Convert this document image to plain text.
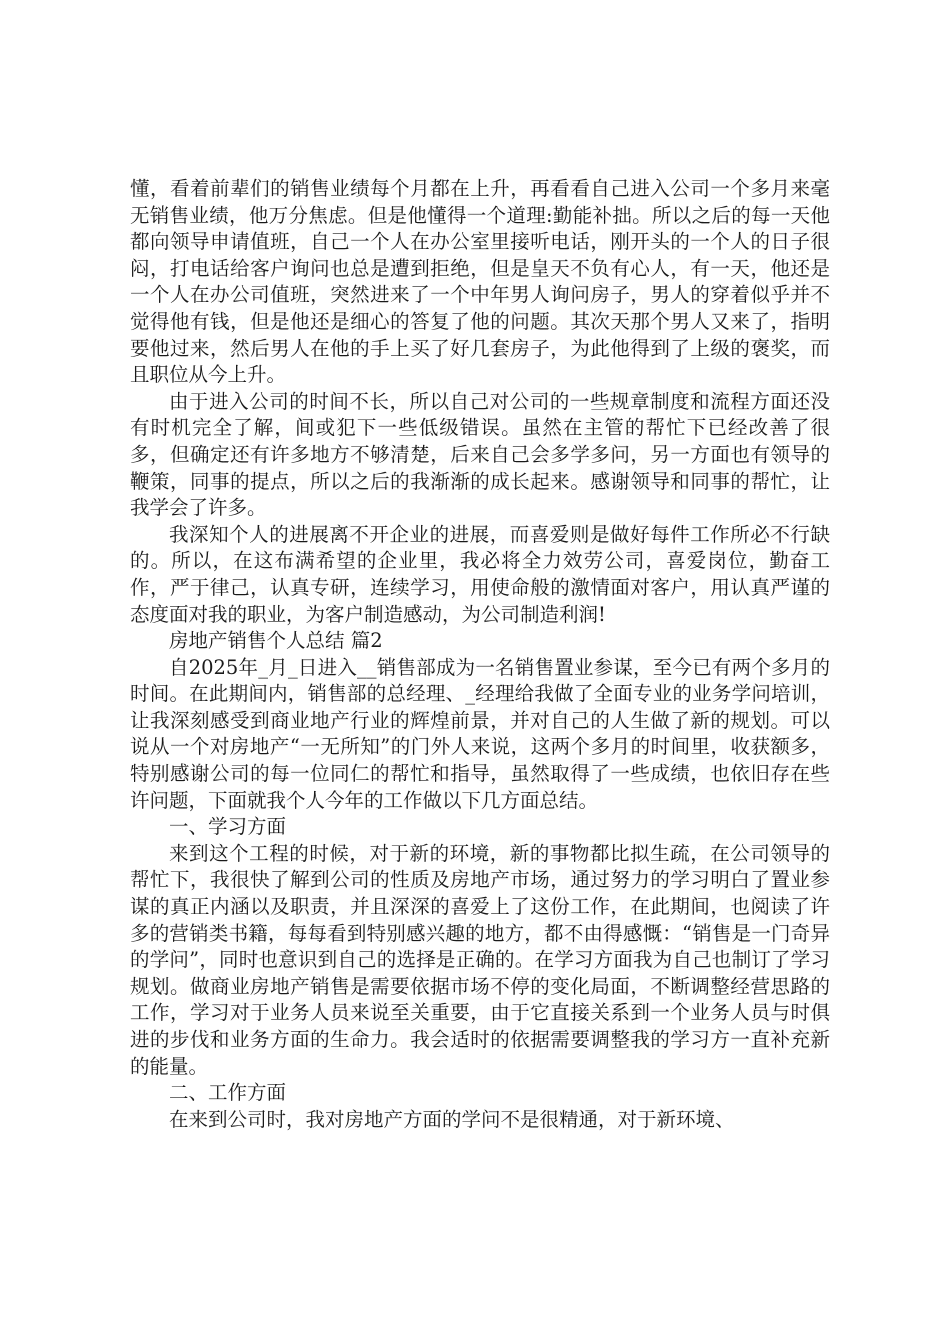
懂，看着前辈们的销售业绩每个月都在上升，再看看自己进入公司一个多月来毫无销售业绩，他万分焦虑。但是他懂得一个道理:勤能补拙。所以之后的每一天他都向领导申请值班，自己一个人在办公室里接听电话，刚开头的一个人的日子很闷，打电话给客户询问也总是遭到拒绝，但是皇天不负有心人，有一天，他还是一个人在办公司值班，突然进来了一个中年男人询问房子，男人的穿着似乎并不觉得他有钱，但是他还是细心的答复了他的问题。其次天那个男人又来了，指明要他过来，然后男人在他的手上买了好几套房子，为此他得到了上级的褒奖，而且职位从今上升。

由于进入公司的时间不长，所以自己对公司的一些规章制度和流程方面还没有时机完全了解，间或犯下一些低级错误。虽然在主管的帮忙下已经改善了很多，但确定还有许多地方不够清楚，后来自己会多学多问，另一方面也有领导的鞭策，同事的提点，所以之后的我渐渐的成长起来。感谢领导和同事的帮忙，让我学会了许多。

我深知个人的进展离不开企业的进展，而喜爱则是做好每件工作所必不行缺的。所以，在这布满希望的企业里，我必将全力效劳公司，喜爱岗位，勤奋工作，严于律己，认真专研，连续学习，用使命般的激情面对客户，用认真严谨的态度面对我的职业，为客户制造感动，为公司制造利润!

房地产销售个人总结 篇2

自2025年_月_日进入__销售部成为一名销售置业参谋，至今已有两个多月的时间。在此期间内，销售部的总经理、_经理给我做了全面专业的业务学问培训，让我深刻感受到商业地产行业的辉煌前景，并对自己的人生做了新的规划。可以说从一个对房地产“一无所知”的门外人来说，这两个多月的时间里，收获额多，特别感谢公司的每一位同仁的帮忙和指导，虽然取得了一些成绩，也依旧存在些许问题，下面就我个人今年的工作做以下几方面总结。

一、学习方面

来到这个工程的时候，对于新的环境，新的事物都比拟生疏，在公司领导的帮忙下，我很快了解到公司的性质及房地产市场，通过努力的学习明白了置业参谋的真正内涵以及职责，并且深深的喜爱上了这份工作，在此期间，也阅读了许多的营销类书籍，每每看到特别感兴趣的地方，都不由得感慨：“销售是一门奇异的学问”，同时也意识到自己的选择是正确的。在学习方面我为自己也制订了学习规划。做商业房地产销售是需要依据市场不停的变化局面，不断调整经营思路的工作，学习对于业务人员来说至关重要，由于它直接关系到一个业务人员与时俱进的步伐和业务方面的生命力。我会适时的依据需要调整我的学习方一直补充新的能量。

二、工作方面

在来到公司时，我对房地产方面的学问不是很精通，对于新环境、
